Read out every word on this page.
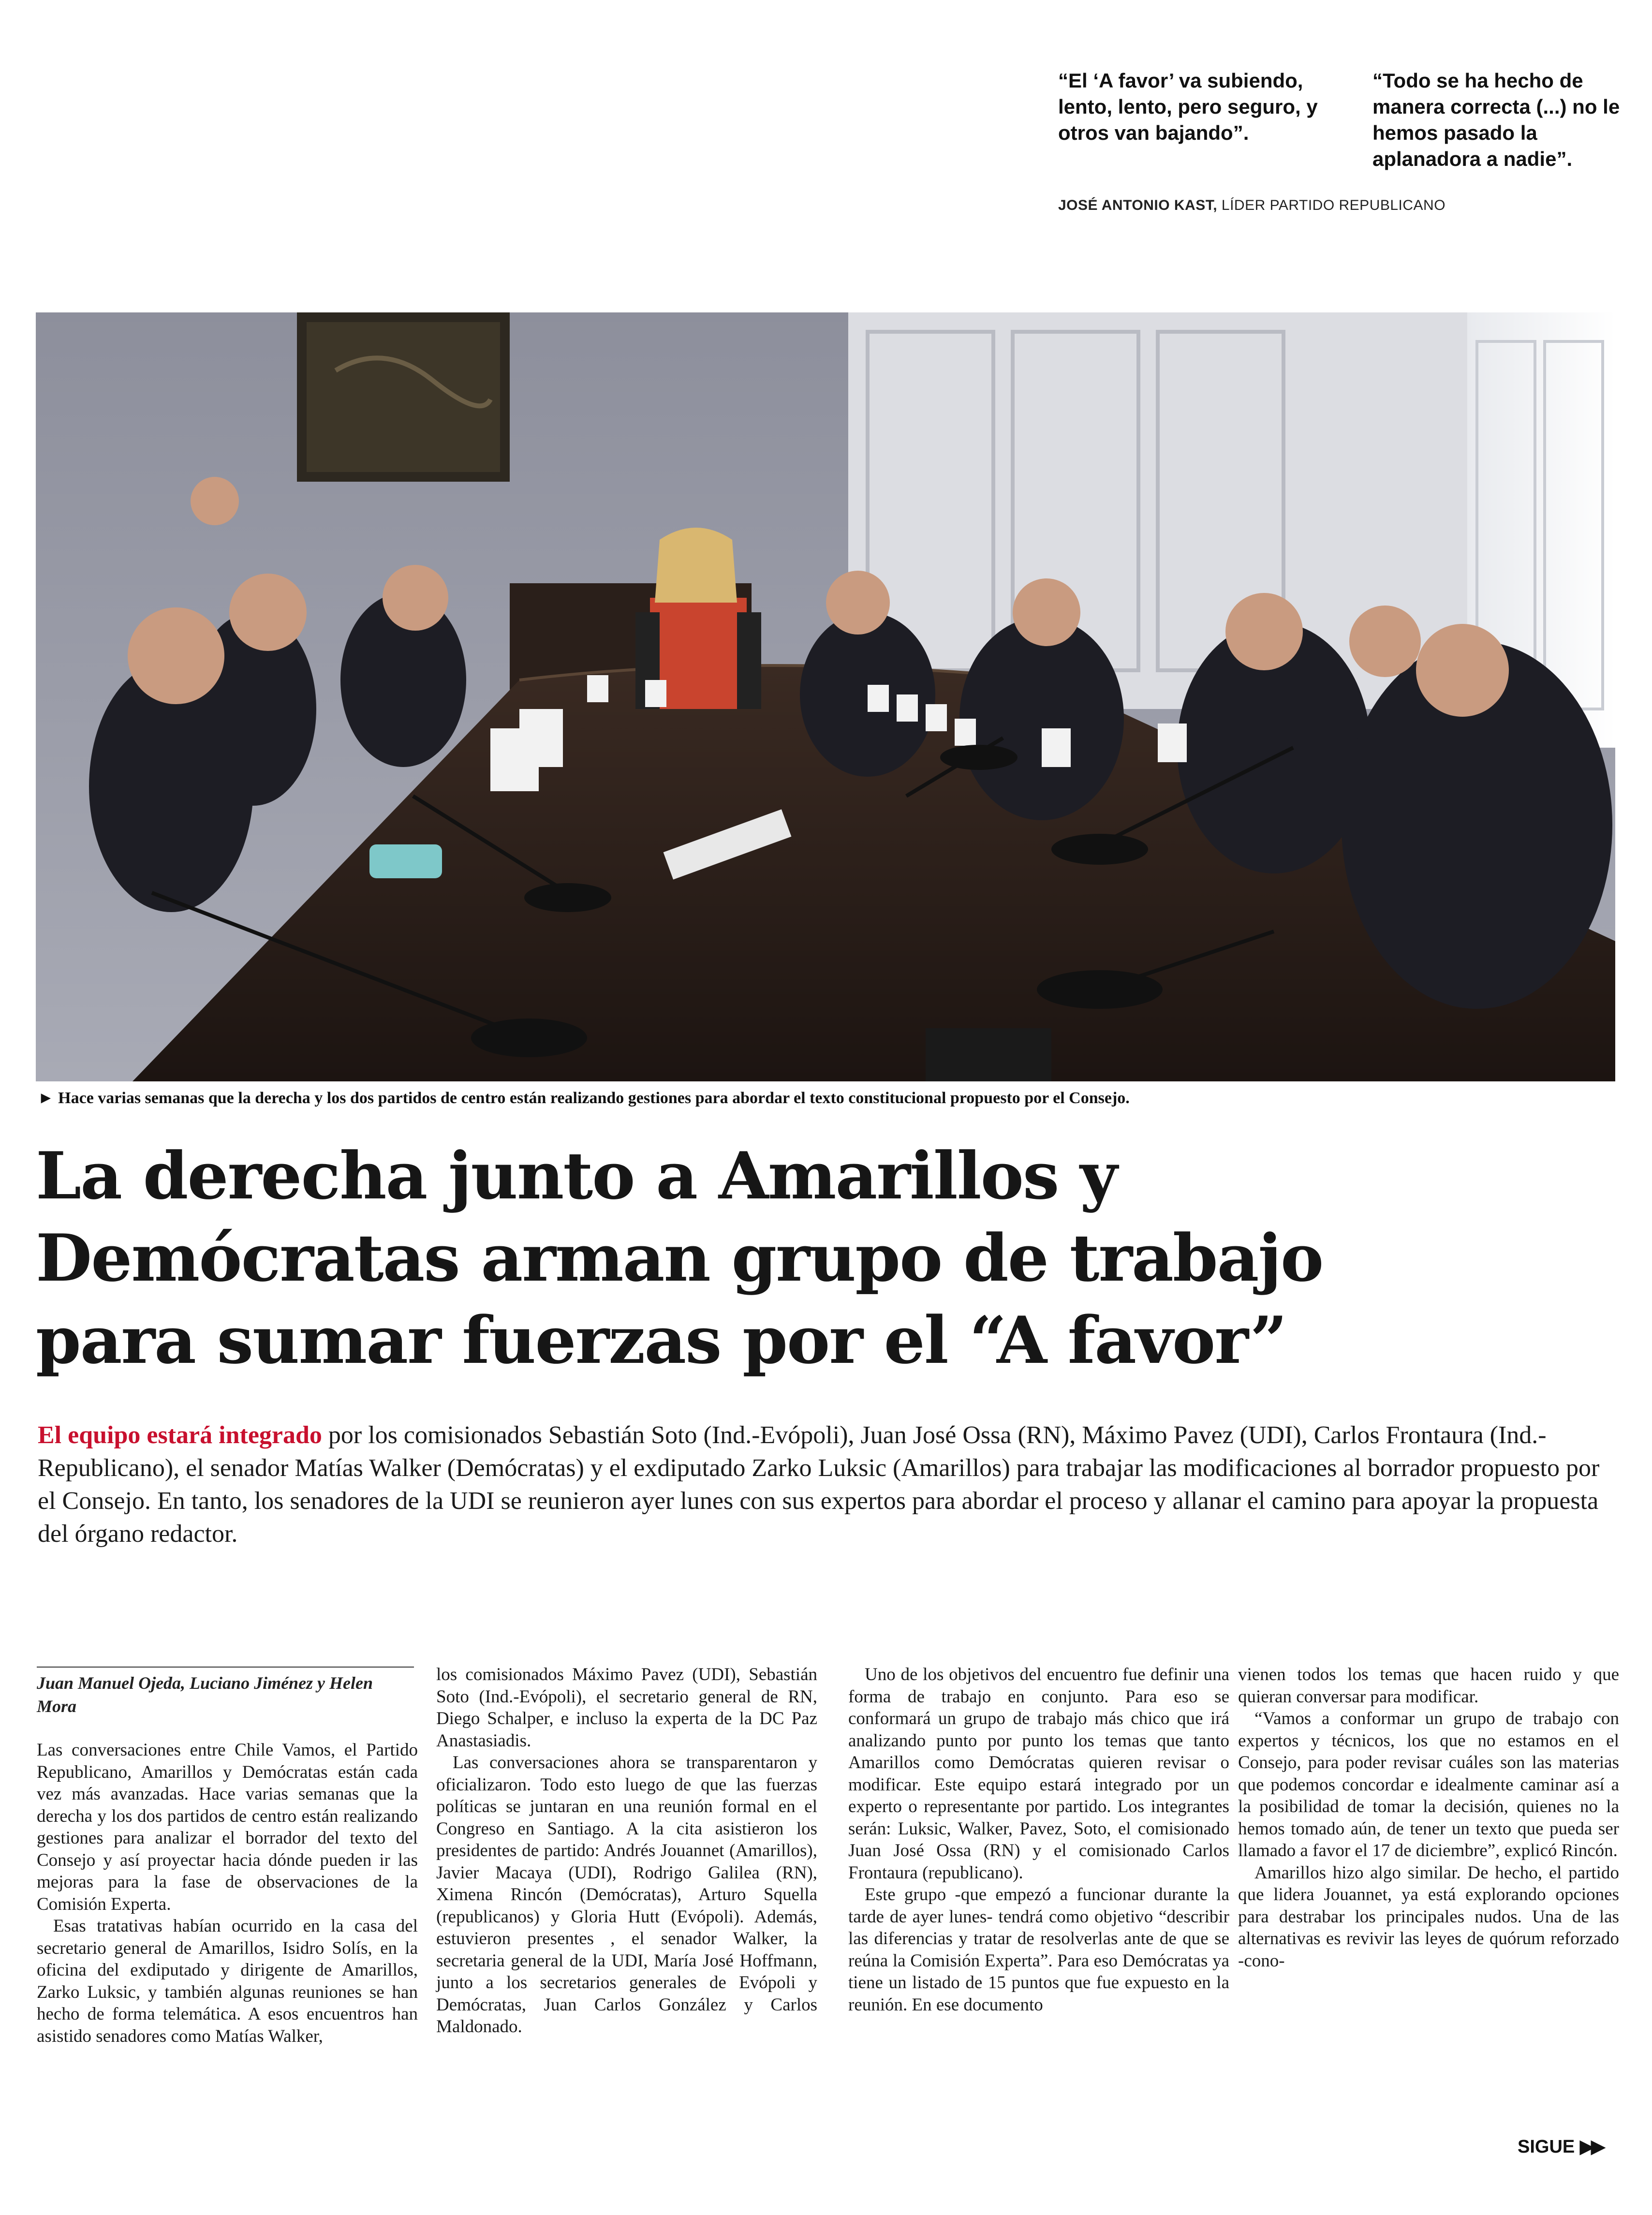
“El ‘A favor’ va subiendo, lento, lento, pero seguro, y otros van bajando”.
“Todo se ha hecho de manera correcta (...) no le hemos pasado la aplanadora a nadie”.
JOSÉ ANTONIO KAST, LÍDER PARTIDO REPUBLICANO
► Hace varias semanas que la derecha y los dos partidos de centro están realizando gestiones para abordar el texto constitucional propuesto por el Consejo.
La derecha junto a Amarillos y
Demócratas arman grupo de trabajo
para sumar fuerzas por el “A favor”
El equipo estará integrado por los comisionados Sebastián Soto (Ind.-Evópoli), Juan José Ossa (RN), Máximo Pavez (UDI), Carlos Frontaura (Ind.-Republicano), el senador Matías Walker (Demócratas) y el exdiputado Zarko Luksic (Amarillos) para trabajar las modificaciones al borrador propuesto por el Consejo. En tanto, los senadores de la UDI se reunieron ayer lunes con sus expertos para abordar el proceso y allanar el camino para apoyar la propuesta del órgano redactor.
Juan Manuel Ojeda, Luciano Jiménez y Helen Mora

Las conversaciones entre Chile Vamos, el Partido Republicano, Amarillos y Demócratas están cada vez más avanzadas. Hace varias semanas que la derecha y los dos partidos de centro están realizando gestiones para analizar el borrador del texto del Consejo y así proyectar hacia dónde pueden ir las mejoras para la fase de observaciones de la Comisión Experta.

Esas tratativas habían ocurrido en la casa del secretario general de Amarillos, Isidro Solís, en la oficina del exdiputado y dirigente de Amarillos, Zarko Luksic, y también algunas reuniones se han hecho de forma telemática. A esos encuentros han asistido senadores como Matías Walker,

los comisionados Máximo Pavez (UDI), Sebastián Soto (Ind.-Evópoli), el secretario general de RN, Diego Schalper, e incluso la experta de la DC Paz Anastasiadis.

Las conversaciones ahora se transparentaron y oficializaron. Todo esto luego de que las fuerzas políticas se juntaran en una reunión formal en el Congreso en Santiago. A la cita asistieron los presidentes de partido: Andrés Jouannet (Amarillos), Javier Macaya (UDI), Rodrigo Galilea (RN), Ximena Rincón (Demócratas), Arturo Squella (republicanos) y Gloria Hutt (Evópoli). Además, estuvieron presentes , el senador Walker, la secretaria general de la UDI, María José Hoffmann, junto a los secretarios generales de Evópoli y Demócratas, Juan Carlos González y Carlos Maldonado.

Uno de los objetivos del encuentro fue definir una forma de trabajo en conjunto. Para eso se conformará un grupo de trabajo más chico que irá analizando punto por punto los temas que tanto Amarillos como Demócratas quieren revisar o modificar. Este equipo estará integrado por un experto o representante por partido. Los integrantes serán: Luksic, Walker, Pavez, Soto, el comisionado Juan José Ossa (RN) y el comisionado Carlos Frontaura (republicano).

Este grupo -que empezó a funcionar durante la tarde de ayer lunes- tendrá como objetivo “describir las diferencias y tratar de resolverlas ante de que se reúna la Comisión Experta”. Para eso Demócratas ya tiene un listado de 15 puntos que fue expuesto en la reunión. En ese documento

vienen todos los temas que hacen ruido y que quieran conversar para modificar.

“Vamos a conformar un grupo de trabajo con expertos y técnicos, los que no estamos en el Consejo, para poder revisar cuáles son las materias que podemos concordar e idealmente caminar así a la posibilidad de tomar la decisión, quienes no la hemos tomado aún, de tener un texto que pueda ser llamado a favor el 17 de diciembre”, explicó Rincón.

Amarillos hizo algo similar. De hecho, el partido que lidera Jouannet, ya está explorando opciones para destrabar los principales nudos. Una de las alternativas es revivir las leyes de quórum reforzado -cono-

SIGUE ▶▶
